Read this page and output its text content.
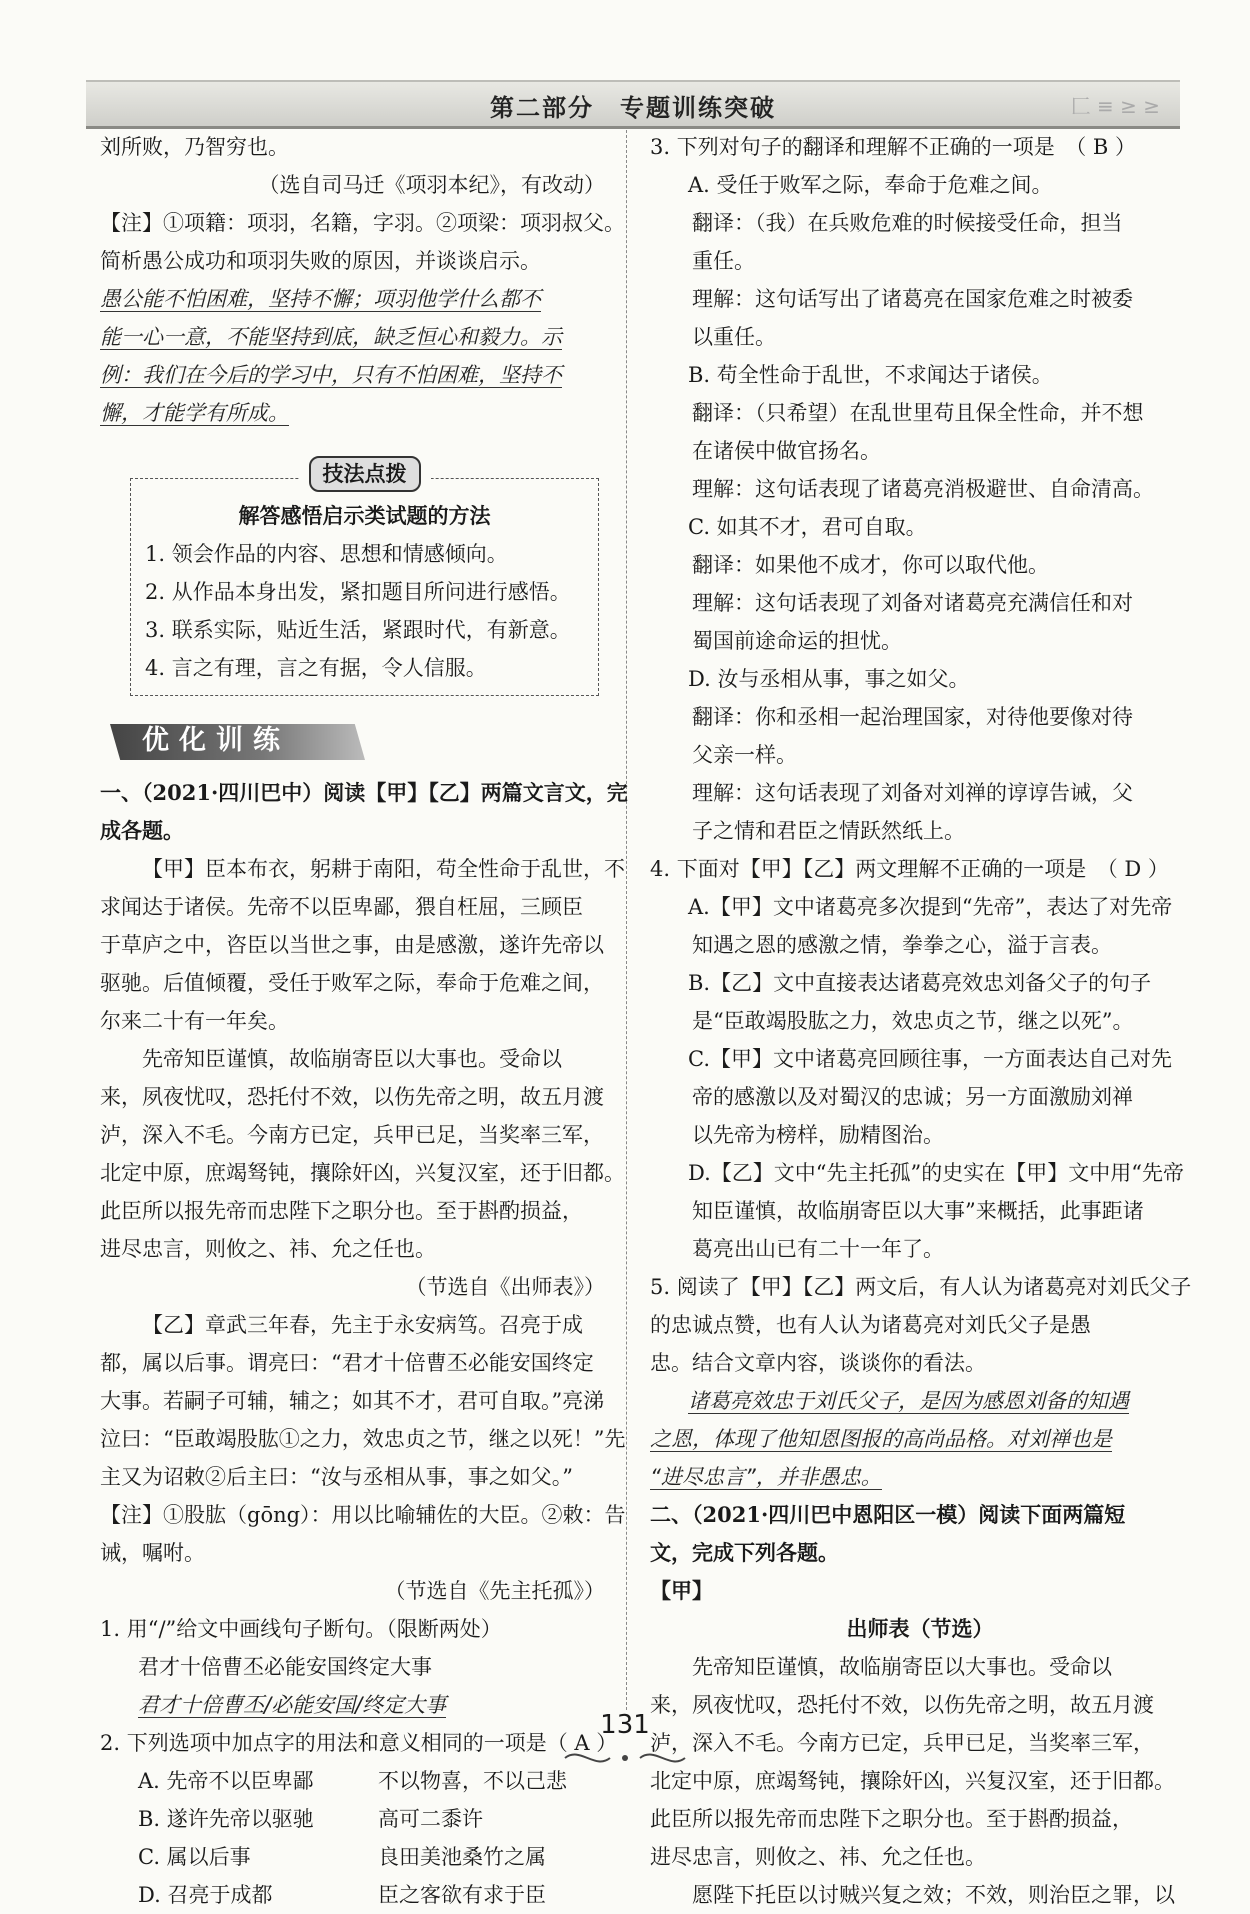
第二部分　专题训练突破	匚 ≡ ≥ ≥

刘所败，乃智穷也。

（选自司马迁《项羽本纪》，有改动）

【注】①项籍：项羽，名籍，字羽。②项梁：项羽叔父。

简析愚公成功和项羽失败的原因，并谈谈启示。

愚公能不怕困难，坚持不懈；项羽他学什么都不

能一心一意，不能坚持到底，缺乏恒心和毅力。示

例：我们在今后的学习中，只有不怕困难，坚持不

懈，才能学有所成。

技法点拨

解答感悟启示类试题的方法

1. 领会作品的内容、思想和情感倾向。

2. 从作品本身出发，紧扣题目所问进行感悟。

3. 联系实际，贴近生活，紧跟时代，有新意。

4. 言之有理，言之有据，令人信服。

优化训练

一、（2021·四川巴中）阅读【甲】【乙】两篇文言文，完

成各题。

【甲】臣本布衣，躬耕于南阳，苟全性命于乱世，不

求闻达于诸侯。先帝不以臣卑鄙，猥自枉屈，三顾臣

于草庐之中，咨臣以当世之事，由是感激，遂许先帝以

驱驰。后值倾覆，受任于败军之际，奉命于危难之间，

尔来二十有一年矣。

先帝知臣谨慎，故临崩寄臣以大事也。受命以

来，夙夜忧叹，恐托付不效，以伤先帝之明，故五月渡

泸，深入不毛。今南方已定，兵甲已足，当奖率三军，

北定中原，庶竭驽钝，攘除奸凶，兴复汉室，还于旧都。

此臣所以报先帝而忠陛下之职分也。至于斟酌损益，

进尽忠言，则攸之、祎、允之任也。

（节选自《出师表》）

【乙】章武三年春，先主于永安病笃。召亮于成

都，属以后事。谓亮曰：“君才十倍曹丕必能安国终定

大事。若嗣子可辅，辅之；如其不才，君可自取。”亮涕

泣曰：“臣敢竭股肱①之力，效忠贞之节，继之以死！”先

主又为诏敕②后主曰：“汝与丞相从事，事之如父。”

【注】①股肱（gōng）：用以比喻辅佐的大臣。②敕：告

诫，嘱咐。

（节选自《先主托孤》）

1. 用“/”给文中画线句子断句。（限断两处）

君才十倍曹丕必能安国终定大事

君才十倍曹丕/必能安国/终定大事

2. 下列选项中加点字的用法和意义相同的一项是（ A ）

A. 先帝不以臣卑鄙	不以物喜，不以己悲

B. 遂许先帝以驱驰	高可二黍许

C. 属以后事	良田美池桑竹之属

D. 召亮于成都	臣之客欲有求于臣

3. 下列对句子的翻译和理解不正确的一项是　（ B ）

A. 受任于败军之际，奉命于危难之间。

翻译：（我）在兵败危难的时候接受任命，担当

重任。

理解：这句话写出了诸葛亮在国家危难之时被委

以重任。

B. 苟全性命于乱世，不求闻达于诸侯。

翻译：（只希望）在乱世里苟且保全性命，并不想

在诸侯中做官扬名。

理解：这句话表现了诸葛亮消极避世、自命清高。

C. 如其不才，君可自取。

翻译：如果他不成才，你可以取代他。

理解：这句话表现了刘备对诸葛亮充满信任和对

蜀国前途命运的担忧。

D. 汝与丞相从事，事之如父。

翻译：你和丞相一起治理国家，对待他要像对待

父亲一样。

理解：这句话表现了刘备对刘禅的谆谆告诫，父

子之情和君臣之情跃然纸上。

4. 下面对【甲】【乙】两文理解不正确的一项是　（ D ）

A.【甲】文中诸葛亮多次提到“先帝”，表达了对先帝

知遇之恩的感激之情，拳拳之心，溢于言表。

B.【乙】文中直接表达诸葛亮效忠刘备父子的句子

是“臣敢竭股肱之力，效忠贞之节，继之以死”。

C.【甲】文中诸葛亮回顾往事，一方面表达自己对先

帝的感激以及对蜀汉的忠诚；另一方面激励刘禅

以先帝为榜样，励精图治。

D.【乙】文中“先主托孤”的史实在【甲】文中用“先帝

知臣谨慎，故临崩寄臣以大事”来概括，此事距诸

葛亮出山已有二十一年了。

5. 阅读了【甲】【乙】两文后，有人认为诸葛亮对刘氏父子

的忠诚点赞，也有人认为诸葛亮对刘氏父子是愚

忠。结合文章内容，谈谈你的看法。

诸葛亮效忠于刘氏父子，是因为感恩刘备的知遇

之恩，体现了他知恩图报的高尚品格。对刘禅也是

“进尽忠言”，并非愚忠。

二、（2021·四川巴中恩阳区一模）阅读下面两篇短

文，完成下列各题。

【甲】

出师表（节选）

先帝知臣谨慎，故临崩寄臣以大事也。受命以

来，夙夜忧叹，恐托付不效，以伤先帝之明，故五月渡

泸，深入不毛。今南方已定，兵甲已足，当奖率三军，

北定中原，庶竭驽钝，攘除奸凶，兴复汉室，还于旧都。

此臣所以报先帝而忠陛下之职分也。至于斟酌损益，

进尽忠言，则攸之、祎、允之任也。

愿陛下托臣以讨贼兴复之效；不效，则治臣之罪，以

131
